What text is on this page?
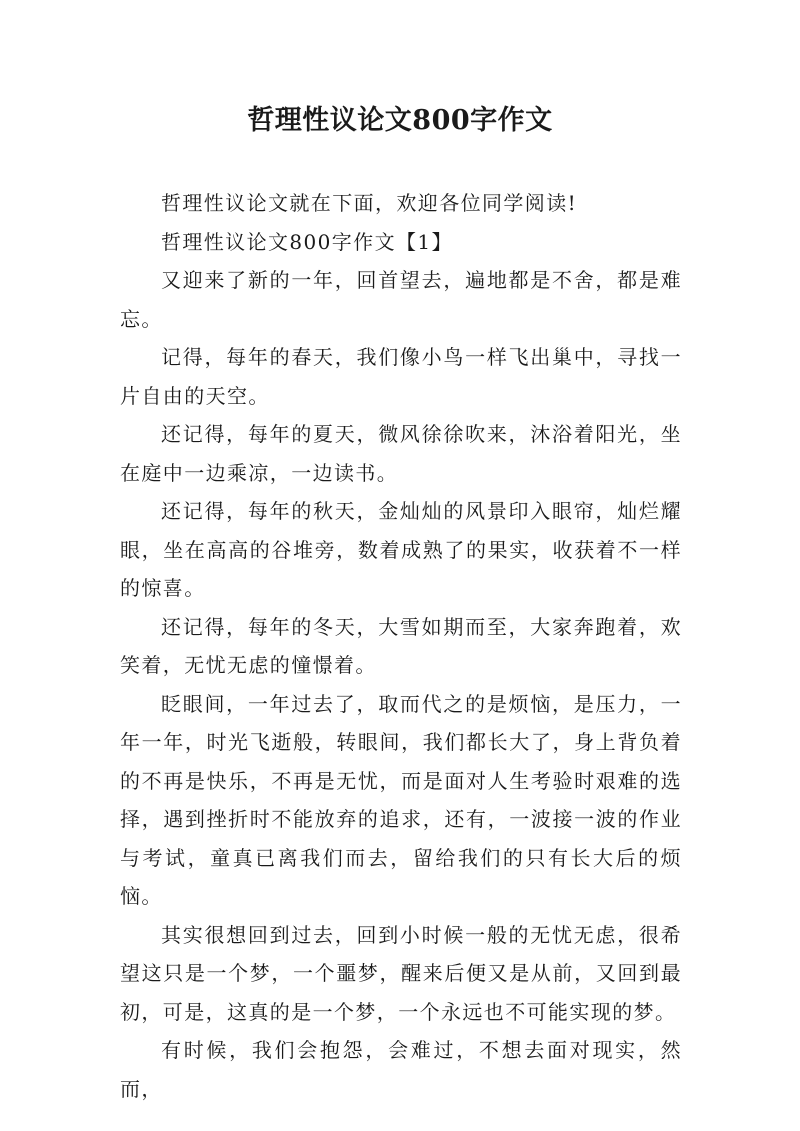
哲理性议论文800字作文

哲理性议论文就在下面，欢迎各位同学阅读!

哲理性议论文800字作文【1】

又迎来了新的一年，回首望去，遍地都是不舍，都是难忘。

记得，每年的春天，我们像小鸟一样飞出巢中，寻找一片自由的天空。

还记得，每年的夏天，微风徐徐吹来，沐浴着阳光，坐在庭中一边乘凉，一边读书。

还记得，每年的秋天，金灿灿的风景印入眼帘，灿烂耀眼，坐在高高的谷堆旁，数着成熟了的果实，收获着不一样的惊喜。

还记得，每年的冬天，大雪如期而至，大家奔跑着，欢笑着，无忧无虑的憧憬着。

眨眼间，一年过去了，取而代之的是烦恼，是压力，一年一年，时光飞逝般，转眼间，我们都长大了，身上背负着的不再是快乐，不再是无忧，而是面对人生考验时艰难的选择，遇到挫折时不能放弃的追求，还有，一波接一波的作业与考试，童真已离我们而去，留给我们的只有长大后的烦恼。

其实很想回到过去，回到小时候一般的无忧无虑，很希望这只是一个梦，一个噩梦，醒来后便又是从前，又回到最初，可是，这真的是一个梦，一个永远也不可能实现的梦。

有时候，我们会抱怨，会难过，不想去面对现实，然而，
